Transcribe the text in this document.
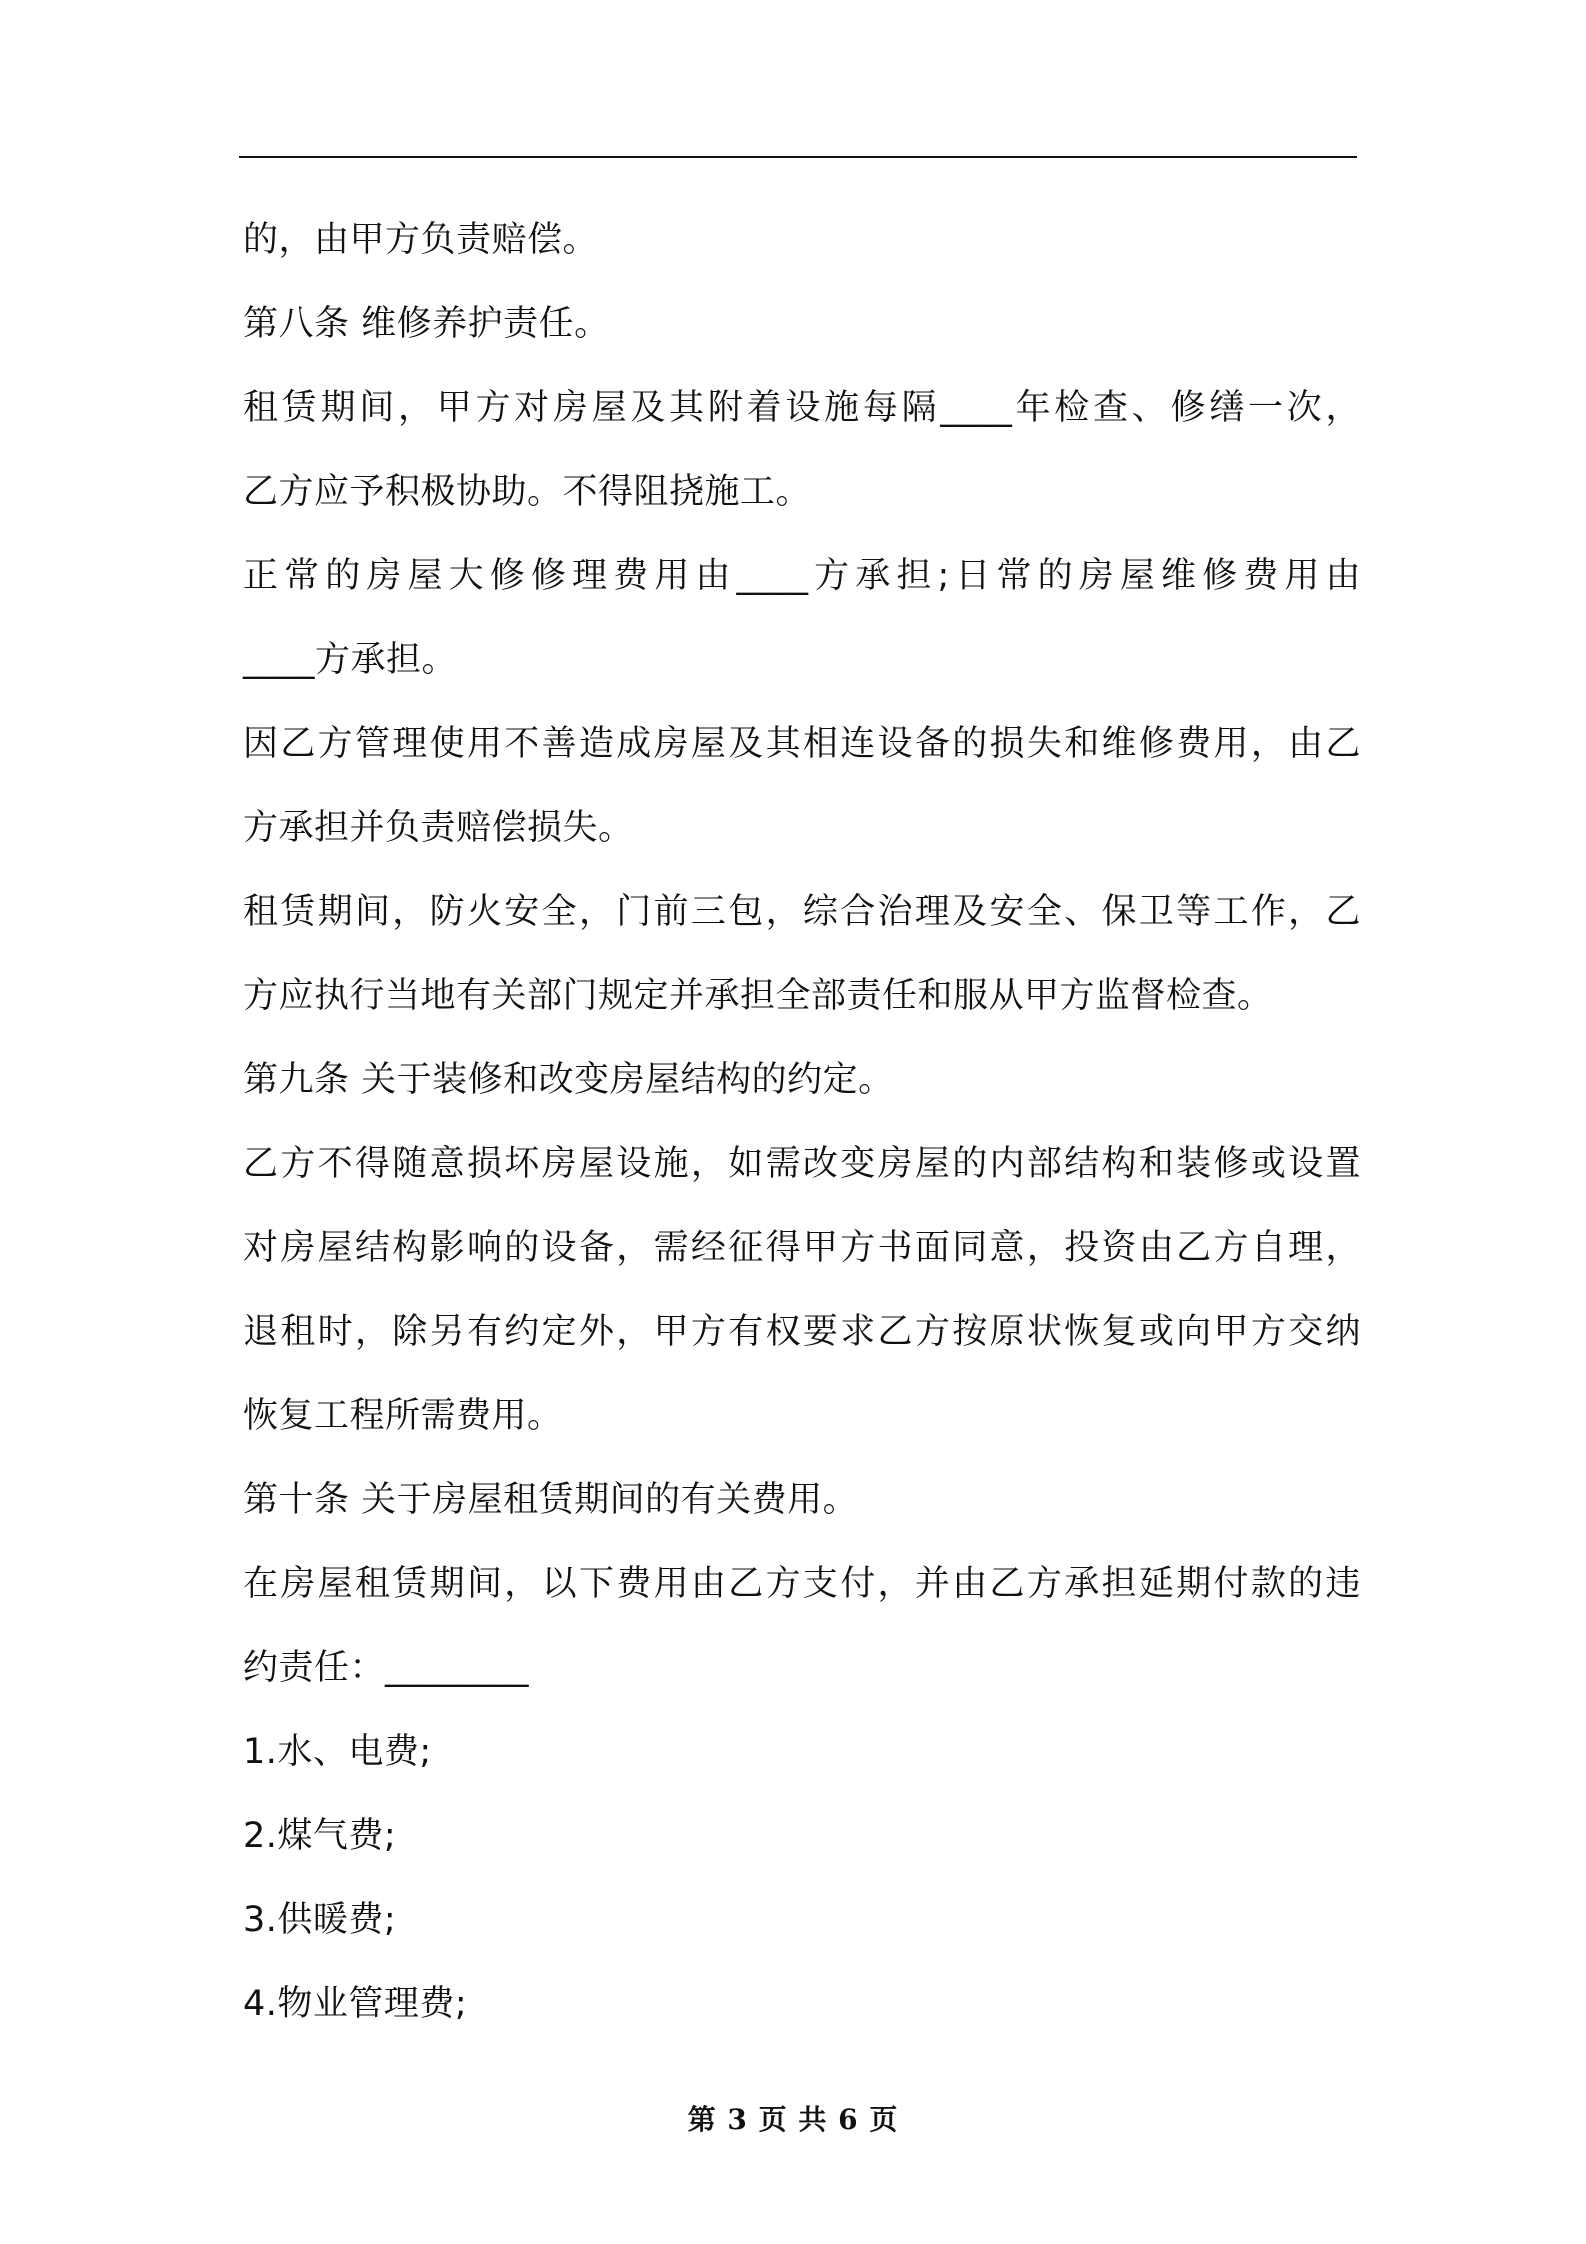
的，由甲方负责赔偿。
第八条 维修养护责任。
租赁期间，甲方对房屋及其附着设施每隔____年检查、修缮一次，
乙方应予积极协助。不得阻挠施工。
正常的房屋大修修理费用由____方承担;日常的房屋维修费用由
____方承担。
因乙方管理使用不善造成房屋及其相连设备的损失和维修费用，由乙
方承担并负责赔偿损失。
租赁期间，防火安全，门前三包，综合治理及安全、保卫等工作，乙
方应执行当地有关部门规定并承担全部责任和服从甲方监督检查。
第九条 关于装修和改变房屋结构的约定。
乙方不得随意损坏房屋设施，如需改变房屋的内部结构和装修或设置
对房屋结构影响的设备，需经征得甲方书面同意，投资由乙方自理，
退租时，除另有约定外，甲方有权要求乙方按原状恢复或向甲方交纳
恢复工程所需费用。
第十条 关于房屋租赁期间的有关费用。
在房屋租赁期间，以下费用由乙方支付，并由乙方承担延期付款的违
约责任：________
1.水、电费;
2.煤气费;
3.供暖费;
4.物业管理费;
第 3 页 共 6 页
